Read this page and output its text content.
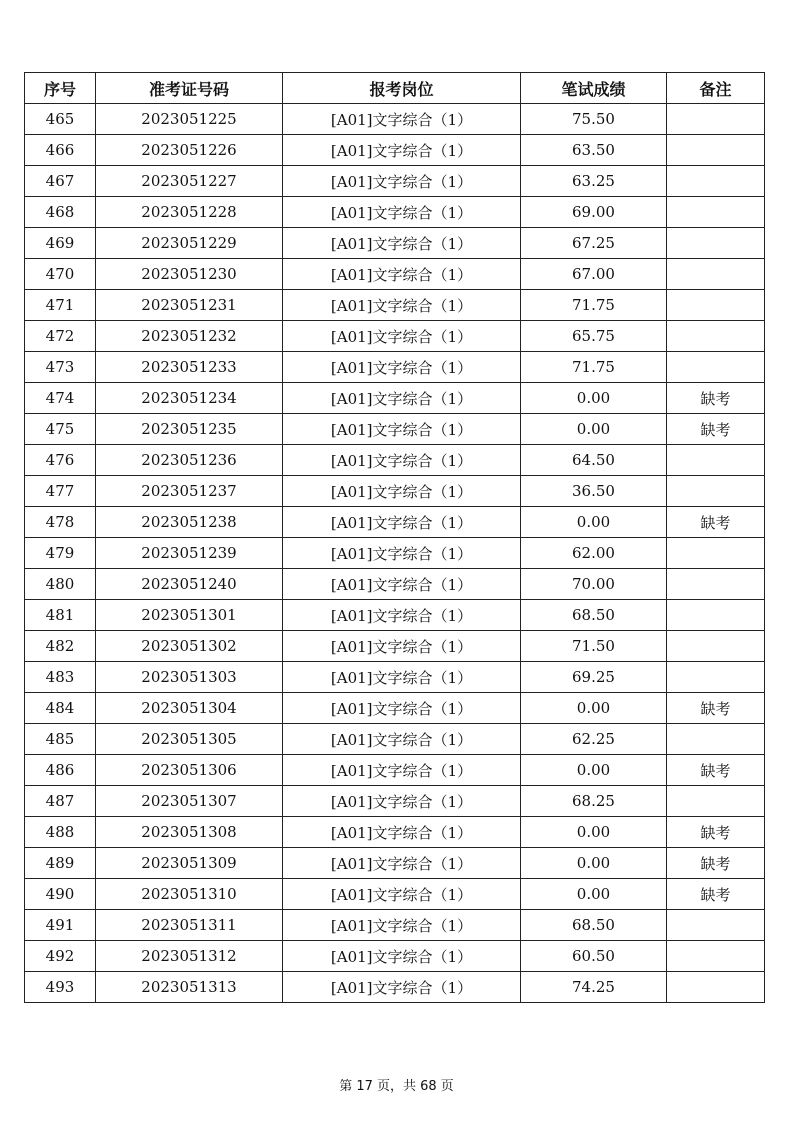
序号	准考证号码	报考岗位	笔试成绩	备注
465	2023051225	[A01]文字综合（1）	75.50	
466	2023051226	[A01]文字综合（1）	63.50	
467	2023051227	[A01]文字综合（1）	63.25	
468	2023051228	[A01]文字综合（1）	69.00	
469	2023051229	[A01]文字综合（1）	67.25	
470	2023051230	[A01]文字综合（1）	67.00	
471	2023051231	[A01]文字综合（1）	71.75	
472	2023051232	[A01]文字综合（1）	65.75	
473	2023051233	[A01]文字综合（1）	71.75	
474	2023051234	[A01]文字综合（1）	0.00	缺考
475	2023051235	[A01]文字综合（1）	0.00	缺考
476	2023051236	[A01]文字综合（1）	64.50	
477	2023051237	[A01]文字综合（1）	36.50	
478	2023051238	[A01]文字综合（1）	0.00	缺考
479	2023051239	[A01]文字综合（1）	62.00	
480	2023051240	[A01]文字综合（1）	70.00	
481	2023051301	[A01]文字综合（1）	68.50	
482	2023051302	[A01]文字综合（1）	71.50	
483	2023051303	[A01]文字综合（1）	69.25	
484	2023051304	[A01]文字综合（1）	0.00	缺考
485	2023051305	[A01]文字综合（1）	62.25	
486	2023051306	[A01]文字综合（1）	0.00	缺考
487	2023051307	[A01]文字综合（1）	68.25	
488	2023051308	[A01]文字综合（1）	0.00	缺考
489	2023051309	[A01]文字综合（1）	0.00	缺考
490	2023051310	[A01]文字综合（1）	0.00	缺考
491	2023051311	[A01]文字综合（1）	68.50	
492	2023051312	[A01]文字综合（1）	60.50	
493	2023051313	[A01]文字综合（1）	74.25	
第 17 页，共 68 页
